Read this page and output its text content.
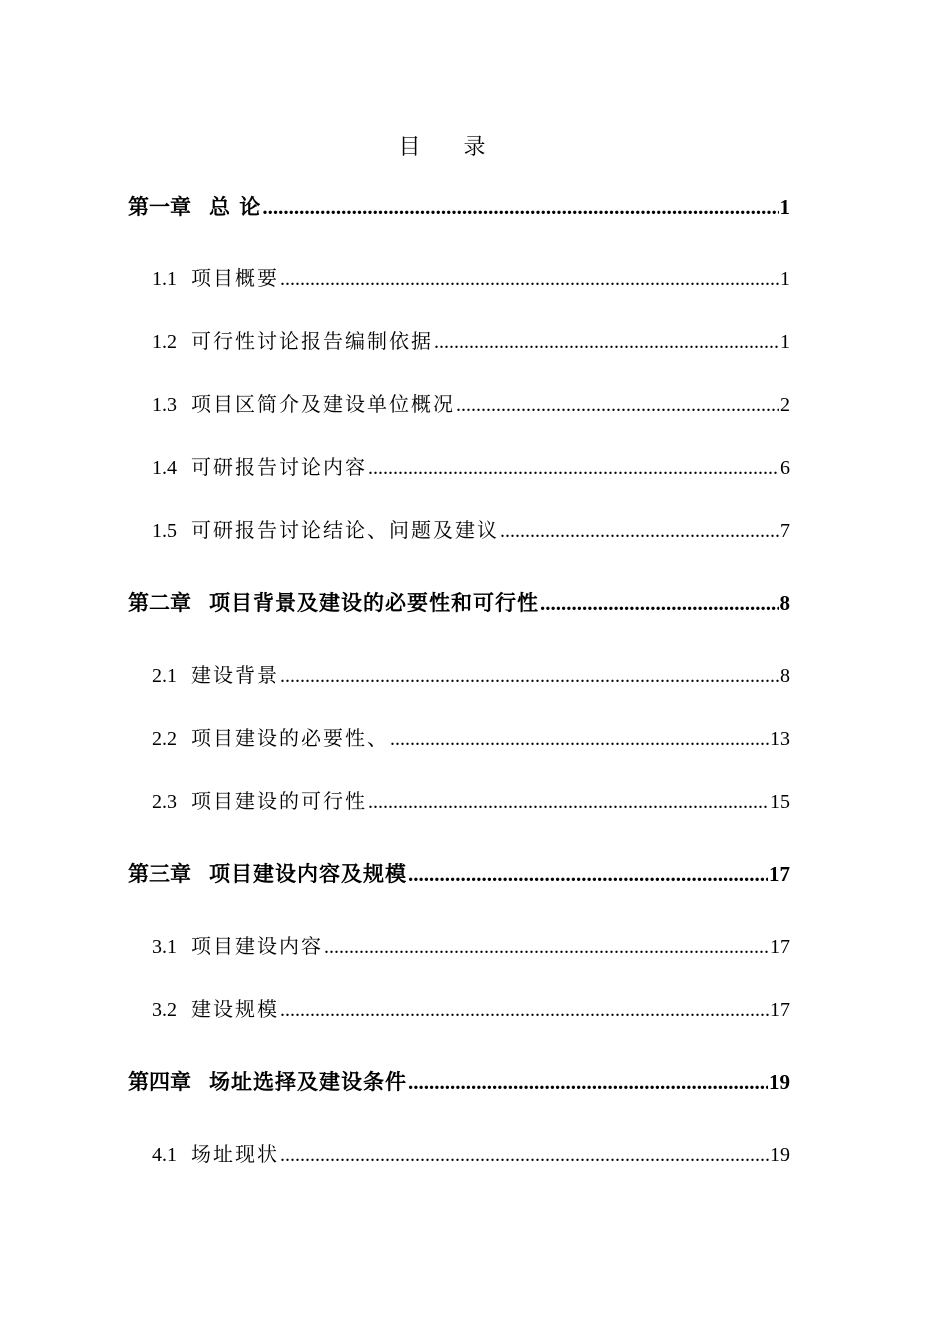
目 录
第一章 总 论 .....	1
1.1 项目概要 .....	1
1.2 可行性讨论报告编制依据 .....	1
1.3 项目区简介及建设单位概况 .....	2
1.4 可研报告讨论内容 .....	6
1.5 可研报告讨论结论、问题及建议 .....	7
第二章 项目背景及建设的必要性和可行性 .....	8
2.1 建设背景 .....	8
2.2 项目建设的必要性、 .....	13
2.3 项目建设的可行性 .....	15
第三章 项目建设内容及规模 .....	17
3.1 项目建设内容 .....	17
3.2 建设规模 .....	17
第四章 场址选择及建设条件 .....	19
4.1 场址现状 .....	19
